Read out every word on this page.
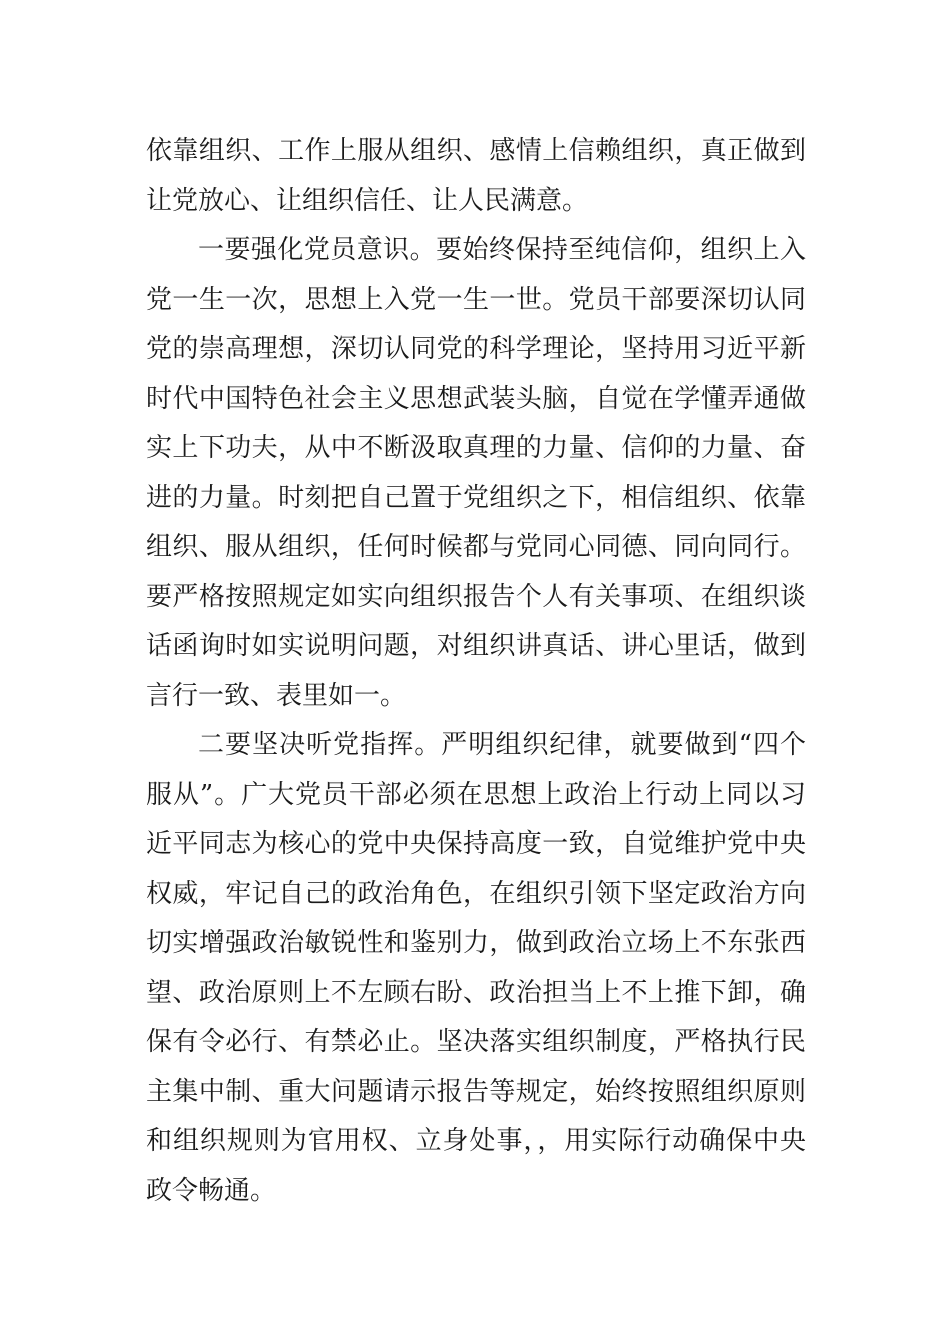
依靠组织、工作上服从组织、感情上信赖组织，真正做到
让党放心、让组织信任、让人民满意。
一要强化党员意识。要始终保持至纯信仰，组织上入
党一生一次，思想上入党一生一世。党员干部要深切认同
党的崇高理想，深切认同党的科学理论，坚持用习近平新
时代中国特色社会主义思想武装头脑，自觉在学懂弄通做
实上下功夫，从中不断汲取真理的力量、信仰的力量、奋
进的力量。时刻把自己置于党组织之下，相信组织、依靠
组织、服从组织，任何时候都与党同心同德、同向同行。
要严格按照规定如实向组织报告个人有关事项、在组织谈
话函询时如实说明问题，对组织讲真话、讲心里话，做到
言行一致、表里如一。
二要坚决听党指挥。严明组织纪律，就要做到“四个
服从”。广大党员干部必须在思想上政治上行动上同以习
近平同志为核心的党中央保持高度一致，自觉维护党中央
权威，牢记自己的政治角色，在组织引领下坚定政治方向
切实增强政治敏锐性和鉴别力，做到政治立场上不东张西
望、政治原则上不左顾右盼、政治担当上不上推下卸，确
保有令必行、有禁必止。坚决落实组织制度，严格执行民
主集中制、重大问题请示报告等规定，始终按照组织原则
和组织规则为官用权、立身处事，，用实际行动确保中央
政令畅通。
